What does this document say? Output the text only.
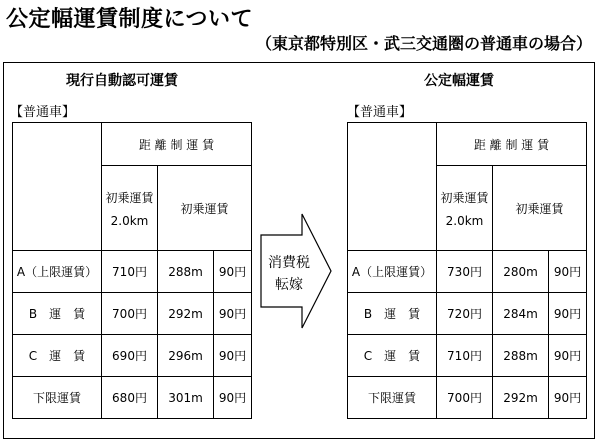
公定幅運賃制度について
（東京都特別区・武三交通圏の普通車の場合）
現行自動認可運賃
【普通車】
	距 離 制 運 賃		

	初乗運賃
2.0km	初乗運賃	
A（上限運賃）	710円	288m	90円
B　運　賃	700円	292m	90円
C　運　賃	690円	296m	90円
下限運賃	680円	301m	90円
消費税
転嫁
公定幅運賃
【普通車】
	距 離 制 運 賃		

	初乗運賃
2.0km	初乗運賃	
A（上限運賃）	730円	280m	90円
B　運　賃	720円	284m	90円
C　運　賃	710円	288m	90円
下限運賃	700円	292m	90円
